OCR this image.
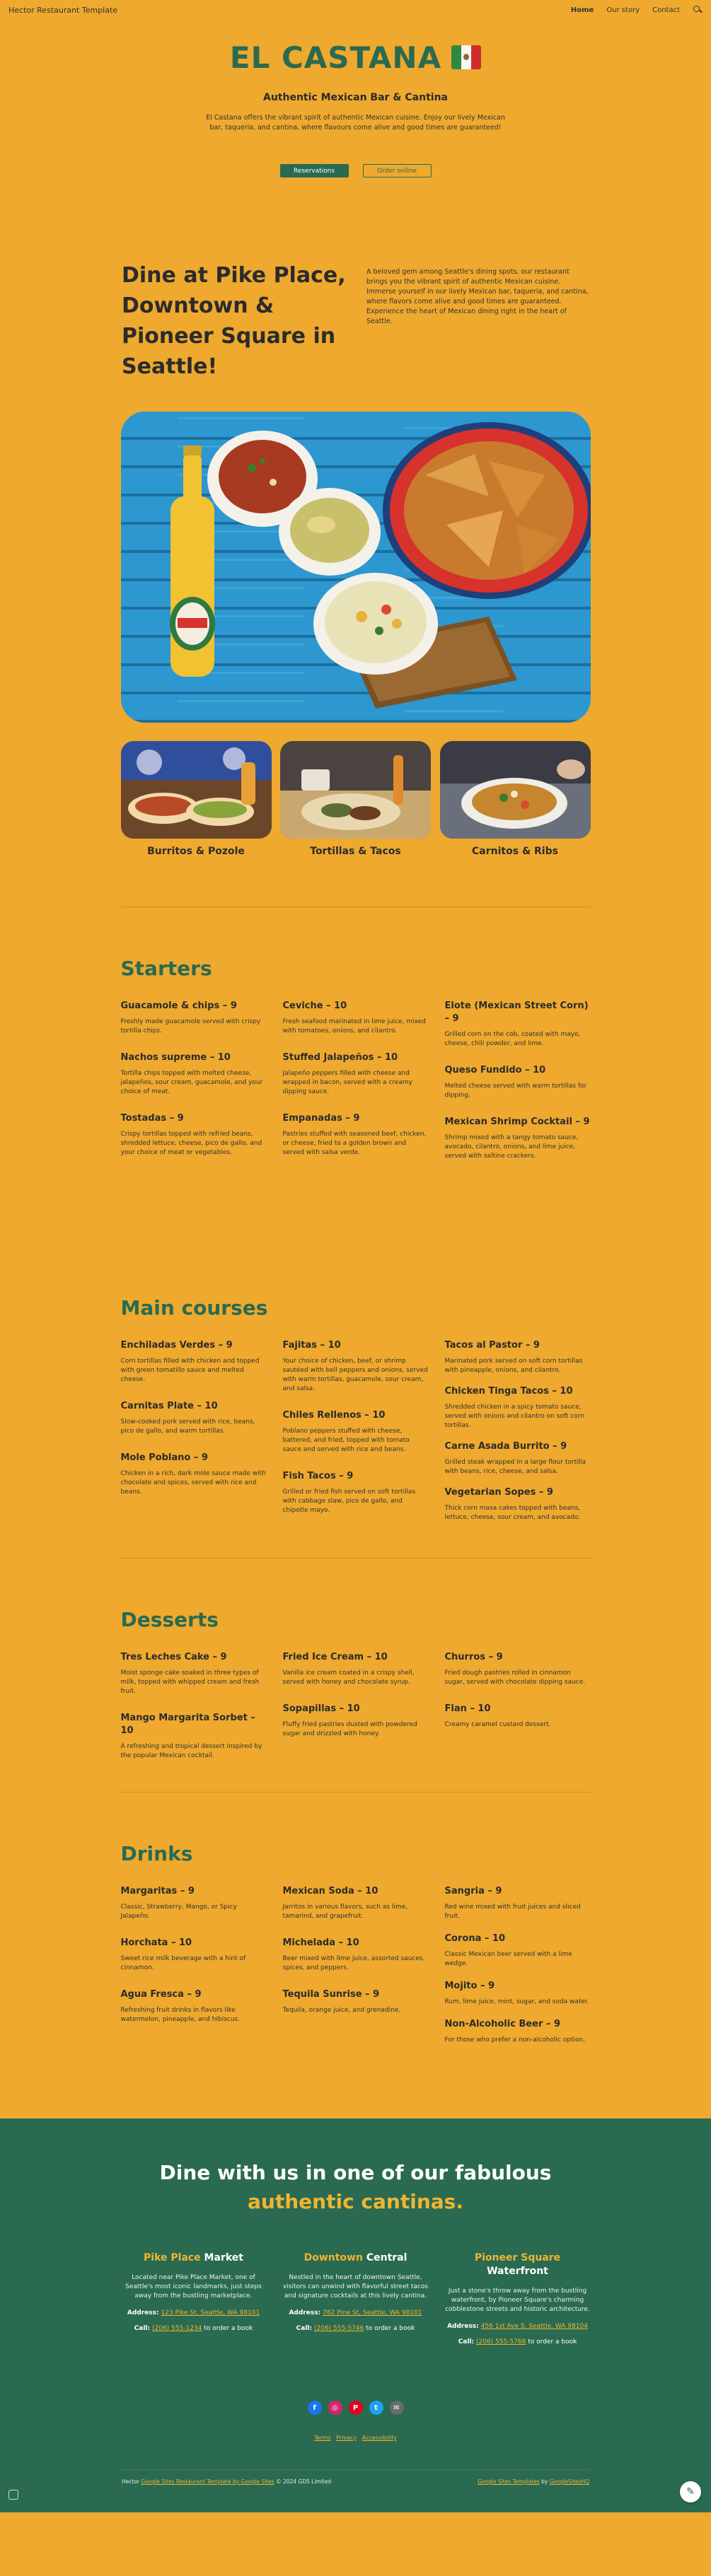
Hector Restaurant Template	Home Our story Contact
EL CASTANA
Authentic Mexican Bar & Cantina

El Castana offers the vibrant spirit of authentic Mexican cuisine. Enjoy our lively Mexican bar, taqueria, and cantina, where flavours come alive and good times are guaranteed!

Reservations	Order online
Dine at Pike Place, Downtown & Pioneer Square in Seattle!

A beloved gem among Seattle's dining spots, our restaurant brings you the vibrant spirit of authentic Mexican cuisine. Immerse yourself in our lively Mexican bar, taqueria, and cantina, where flavors come alive and good times are guaranteed. Experience the heart of Mexican dining right in the heart of Seattle.

Burritos & Pozole	Tortillas & Tacos	Carnitos & Ribs
Starters
Guacamole & chips – 9
Freshly made guacamole served with crispy tortilla chips.
Nachos supreme – 10
Tortilla chips topped with melted cheese, jalapeños, sour cream, guacamole, and your choice of meat.
Tostadas – 9
Crispy tortillas topped with refried beans, shredded lettuce, cheese, pico de gallo, and your choice of meat or vegetables.
Ceviche – 10
Fresh seafood marinated in lime juice, mixed with tomatoes, onions, and cilantro.
Stuffed Jalapeños – 10
Jalapeño peppers filled with cheese and wrapped in bacon, served with a creamy dipping sauce.
Empanadas – 9
Pastries stuffed with seasoned beef, chicken, or cheese, fried to a golden brown and served with salsa verde.
Elote (Mexican Street Corn) – 9
Grilled corn on the cob, coated with mayo, cheese, chili powder, and lime.
Queso Fundido – 10
Melted cheese served with warm tortillas for dipping.
Mexican Shrimp Cocktail – 9
Shrimp mixed with a tangy tomato sauce, avocado, cilantro, onions, and lime juice, served with saltine crackers.
Main courses
Enchiladas Verdes – 9
Corn tortillas filled with chicken and topped with green tomatillo sauce and melted cheese.
Carnitas Plate – 10
Slow-cooked pork served with rice, beans, pico de gallo, and warm tortillas.
Mole Poblano – 9
Chicken in a rich, dark mole sauce made with chocolate and spices, served with rice and beans.
Fajitas – 10
Your choice of chicken, beef, or shrimp sautéed with bell peppers and onions, served with warm tortillas, guacamole, sour cream, and salsa.
Chiles Rellenos – 10
Poblano peppers stuffed with cheese, battered, and fried, topped with tomato sauce and served with rice and beans.
Fish Tacos – 9
Grilled or fried fish served on soft tortillas with cabbage slaw, pico de gallo, and chipotle mayo.
Tacos al Pastor – 9
Marinated pork served on soft corn tortillas with pineapple, onions, and cilantro.
Chicken Tinga Tacos – 10
Shredded chicken in a spicy tomato sauce, served with onions and cilantro on soft corn tortillas.
Carne Asada Burrito – 9
Grilled steak wrapped in a large flour tortilla with beans, rice, cheese, and salsa.
Vegetarian Sopes – 9
Thick corn masa cakes topped with beans, lettuce, cheese, sour cream, and avocado.
Desserts
Tres Leches Cake – 9
Moist sponge cake soaked in three types of milk, topped with whipped cream and fresh fruit.
Mango Margarita Sorbet – 10
A refreshing and tropical dessert inspired by the popular Mexican cocktail.
Fried Ice Cream – 10
Vanilla ice cream coated in a crispy shell, served with honey and chocolate syrup.
Sopapillas – 10
Fluffy fried pastries dusted with powdered sugar and drizzled with honey.
Churros – 9
Fried dough pastries rolled in cinnamon sugar, served with chocolate dipping sauce.
Flan – 10
Creamy caramel custard dessert.
Drinks
Margaritas – 9
Classic, Strawberry, Mango, or Spicy Jalapeño.
Horchata – 10
Sweet rice milk beverage with a hint of cinnamon.
Agua Fresca – 9
Refreshing fruit drinks in flavors like watermelon, pineapple, and hibiscus.
Mexican Soda – 10
Jarritos in various flavors, such as lime, tamarind, and grapefruit.
Michelada – 10
Beer mixed with lime juice, assorted sauces, spices, and peppers.
Tequila Sunrise – 9
Tequila, orange juice, and grenadine.
Sangria – 9
Red wine mixed with fruit juices and sliced fruit.
Corona – 10
Classic Mexican beer served with a lime wedge.
Mojito – 9
Rum, lime juice, mint, sugar, and soda water.
Non-Alcoholic Beer – 9
For those who prefer a non-alcoholic option.
Dine with us in one of our fabulous
authentic cantinas.
Pike Place Market

Located near Pike Place Market, one of Seattle's most iconic landmarks, just steps away from the bustling marketplace.

Address: 123 Pike St, Seattle, WA 98101
Call: (206) 555-1234 to order a book
Downtown Central

Nestled in the heart of downtown Seattle, visitors can unwind with flavorful street tacos and signature cocktails at this lively cantina.

Address: 782 Pine St, Seattle, WA 98101
Call: (206) 555-5746 to order a book
Pioneer Square Waterfront

Just a stone's throw away from the bustling waterfront, by Pioneer Square's charming cobblestone streets and historic architecture.

Address: 456 1st Ave S, Seattle, WA 98104
Call: (206) 555-5768 to order a book
f	◎	P	t	✉
Terms Privacy Accessibility
Hector Google Sites Restaurant Template by Google Sites © 2024 GDS Limited	Google Sites Templates by GoogleSitesHQ
✎
